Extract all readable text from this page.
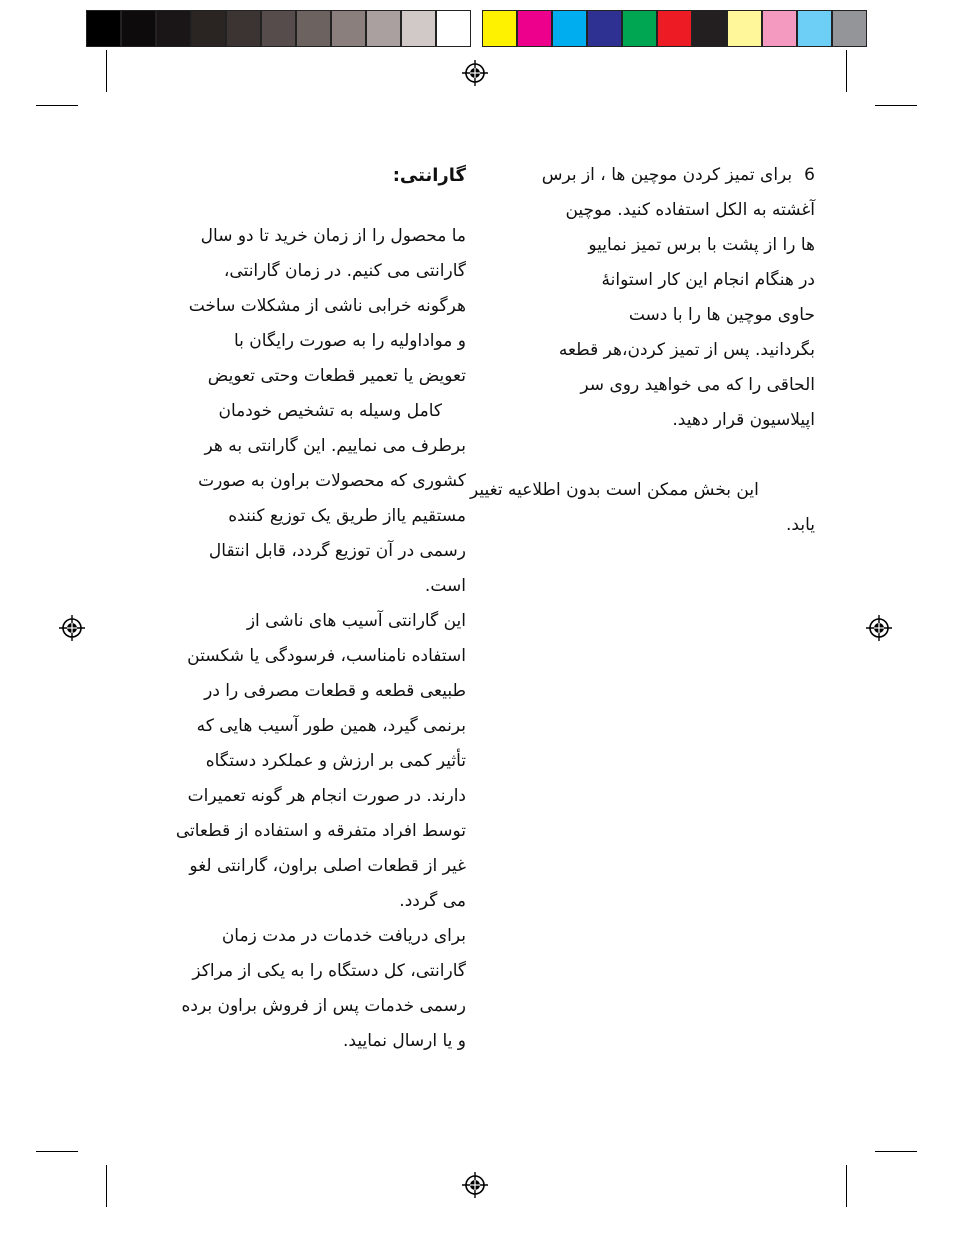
6برای تمیز کردن موچین ها ، از برس

آغشته به الکل استفاده کنید. موچین

ها را از پشت با برس تمیز نماییو

در هنگام انجام این کار استوانۀ

حاوی موچین ها را با دست

بگردانید. پس از تمیز کردن،هر قطعه

الحاقی را که می خواهید روی سر

اپیلاسیون قرار دهید.

این بخش ممکن است بدون اطلاعیه تغییر

یابد.

گارانتی:

ما محصول را از زمان خرید تا دو سال

گارانتی می کنیم. در زمان گارانتی،

هرگونه خرابی ناشی از مشکلات ساخت

و مواداولیه را به صورت رایگان با

تعویض یا تعمیر قطعات وحتی تعویض

کامل وسیله به تشخیص خودمان

برطرف می نماییم. این گارانتی به هر

کشوری که محصولات براون به صورت

مستقیم یااز طریق یک توزیع کننده

رسمی در آن توزیع گردد، قابل انتقال

است.

این گارانتی آسیب های ناشی از

استفاده نامناسب، فرسودگی یا شکستن

طبیعی قطعه و قطعات مصرفی را در

برنمی گیرد، همین طور آسیب هایی که

تأثیر کمی بر ارزش و عملکرد دستگاه

دارند. در صورت انجام هر گونه تعمیرات

توسط افراد متفرقه و استفاده از قطعاتی

غیر از قطعات اصلی براون، گارانتی لغو

می گردد.

برای دریافت خدمات در مدت زمان

گارانتی، کل دستگاه را به یکی از مراکز

رسمی خدمات پس از فروش براون برده

و یا ارسال نمایید.
